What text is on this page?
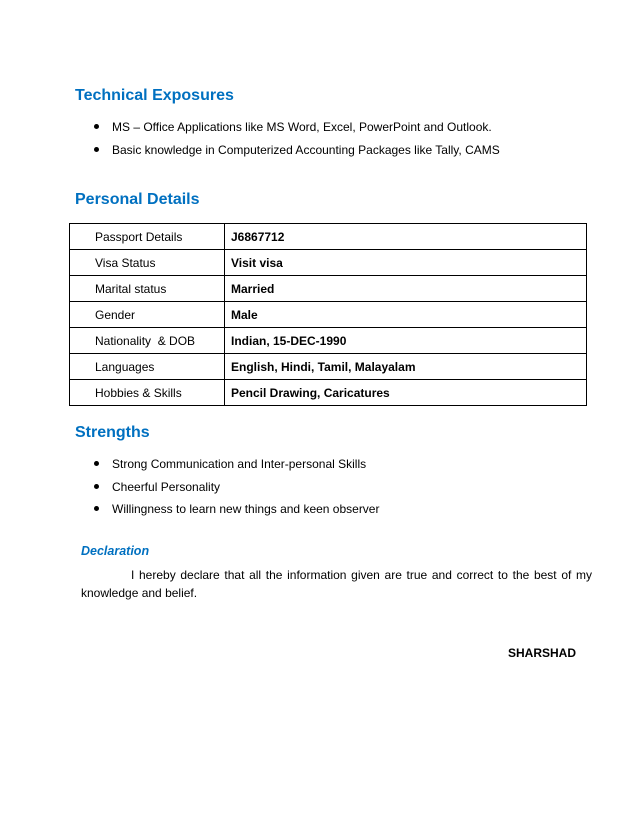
Technical Exposures
MS – Office Applications like MS Word, Excel, PowerPoint and Outlook.
Basic knowledge in Computerized Accounting Packages like Tally, CAMS
Personal Details
Passport Details	J6867712
Visa Status	Visit visa
Marital status	Married
Gender	Male
Nationality  & DOB	Indian, 15-DEC-1990
Languages	English, Hindi, Tamil, Malayalam
Hobbies & Skills	Pencil Drawing, Caricatures
Strengths
Strong Communication and Inter-personal Skills
Cheerful Personality
Willingness to learn new things and keen observer
Declaration

I hereby declare that all the information given are true and correct to the best of my knowledge and belief.

SHARSHAD
